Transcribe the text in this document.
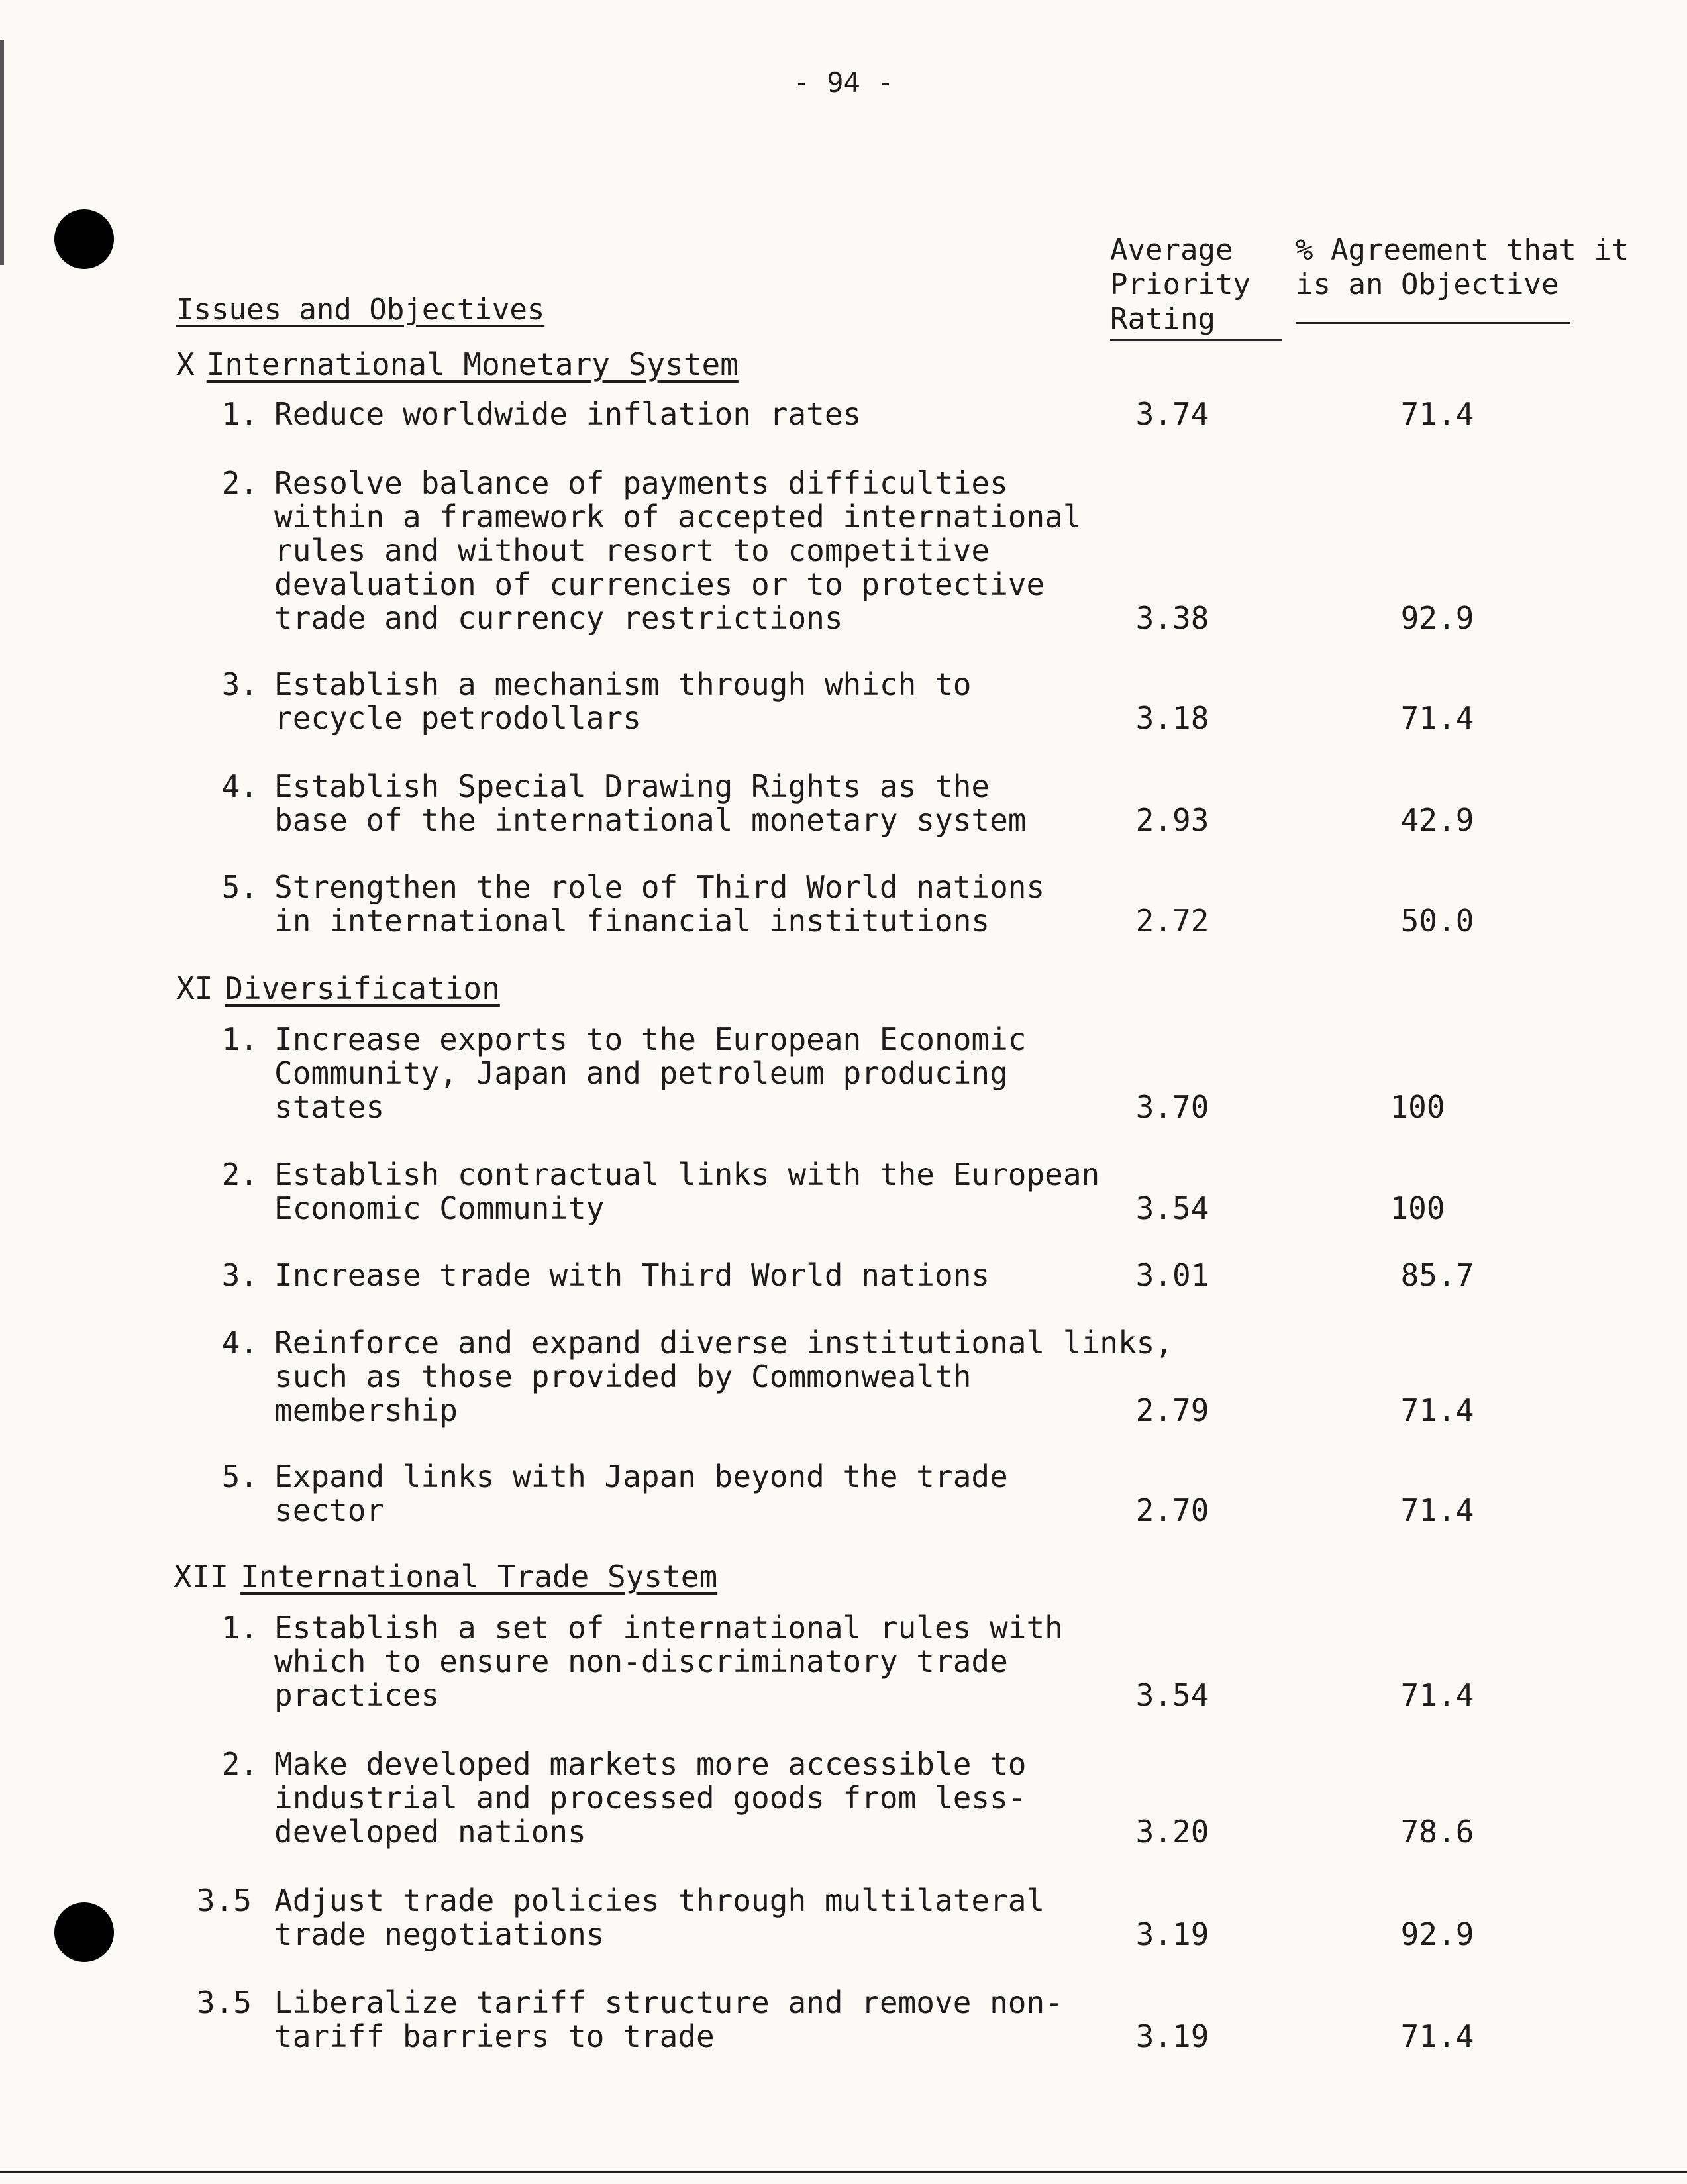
- 94 -
Issues and Objectives
Average
Priority
Rating
% Agreement that it
is an Objective
X International Monetary System
1. Reduce worldwide inflation rates	3.74	71.4
2. Resolve balance of payments difficulties
within a framework of accepted international
rules and without resort to competitive
devaluation of currencies or to protective
trade and currency restrictions	3.38	92.9
3. Establish a mechanism through which to
recycle petrodollars	3.18	71.4
4. Establish Special Drawing Rights as the
base of the international monetary system	2.93	42.9
5. Strengthen the role of Third World nations
in international financial institutions	2.72	50.0
XI Diversification
1. Increase exports to the European Economic
Community, Japan and petroleum producing
states	3.70	100
2. Establish contractual links with the European
Economic Community	3.54	100
3. Increase trade with Third World nations	3.01	85.7
4. Reinforce and expand diverse institutional links,
such as those provided by Commonwealth
membership	2.79	71.4
5. Expand links with Japan beyond the trade
sector	2.70	71.4
XII International Trade System
1. Establish a set of international rules with
which to ensure non-discriminatory trade
practices	3.54	71.4
2. Make developed markets more accessible to
industrial and processed goods from less-
developed nations	3.20	78.6
3.5 Adjust trade policies through multilateral
trade negotiations	3.19	92.9
3.5 Liberalize tariff structure and remove non-
tariff barriers to trade	3.19	71.4
